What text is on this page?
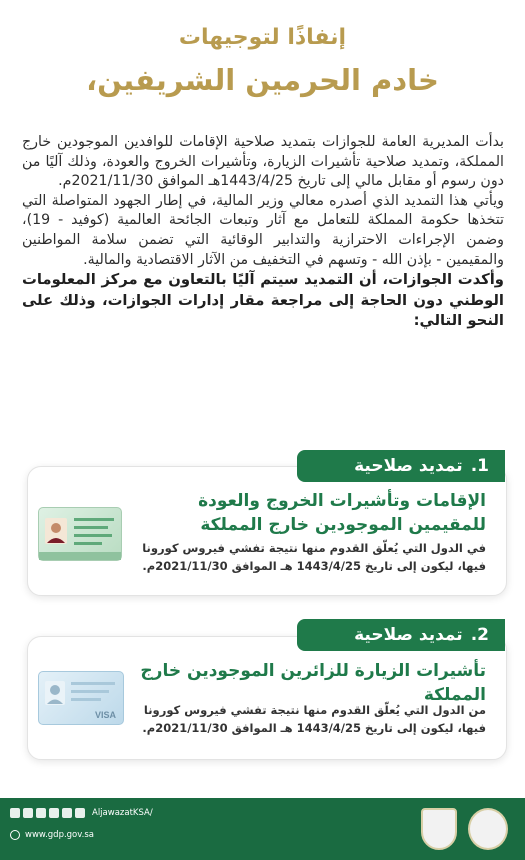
إنفاذًا لتوجيهات
خادم الحرمين الشريفين،

بدأت المديرية العامة للجوازات بتمديد صلاحية الإقامات للوافدين الموجودين خارج المملكة، وتمديد صلاحية تأشيرات الزيارة، وتأشيرات الخروج والعودة، وذلك آليًا من دون رسوم أو مقابل مالي إلى تاريخ 1443/4/25هـ الموافق 2021/11/30م.

ويأتي هذا التمديد الذي أصدره معالي وزير المالية، في إطار الجهود المتواصلة التي تتخذها حكومة المملكة للتعامل مع آثار وتبعات الجائحة العالمية (كوفيد - 19)، وضمن الإجراءات الاحترازية والتدابير الوقائية التي تضمن سلامة المواطنين والمقيمين - بإذن الله - وتسهم في التخفيف من الآثار الاقتصادية والمالية.

وأكدت الجوازات، أن التمديد سيتم آليًا بالتعاون مع مركز المعلومات الوطني دون الحاجة إلى مراجعة مقار إدارات الجوازات، وذلك على النحو التالي:

الإقامات وتأشيرات الخروج والعودة للمقيمين الموجودين خارج المملكة
في الدول التي يُعلّق القدوم منها نتيجة تفشي فيروس كورونا فيها، ليكون إلى تاريخ 1443/4/25 هـ الموافق 2021/11/30م.
1.
تمديد صلاحية
تأشيرات الزيارة للزائرين الموجودين خارج المملكة
من الدول التي يُعلّق القدوم منها نتيجة تفشي فيروس كورونا فيها، ليكون إلى تاريخ 1443/4/25 هـ الموافق 2021/11/30م.
VISA
2.
تمديد صلاحية
AljawazatKSA/
www.gdp.gov.sa
